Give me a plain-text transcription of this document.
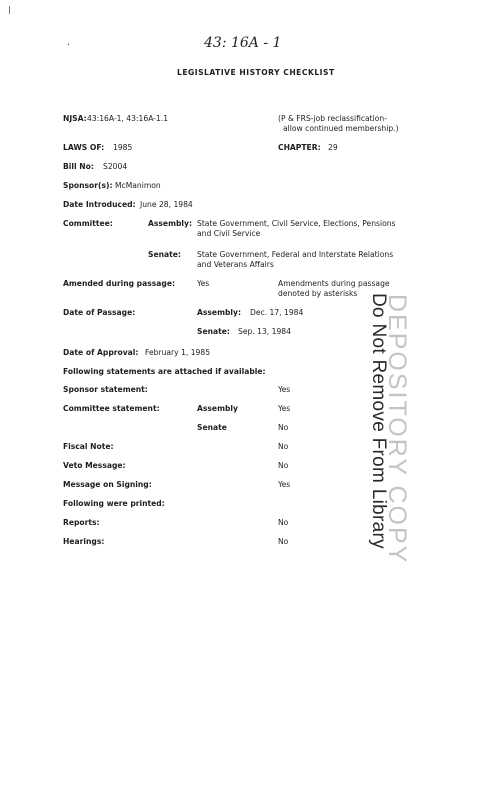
|
·	43: 16A - 1
LEGISLATIVE HISTORY CHECKLIST
NJSA: 43:16A-1, 43:16A-1.1	(P & FRS-job reclassification-
allow continued membership.)
LAWS OF: 1985	CHAPTER: 29
Bill No: S2004
Sponsor(s): McManimon
Date Introduced: June 28, 1984
Committee:	Assembly: State Government, Civil Service, Elections, Pensions
and Civil Service
Senate: State Government, Federal and Interstate Relations
and Veterans Affairs
Amended during passage:	Yes	Amendments during passage
denoted by asterisks
Date of Passage:	Assembly: Dec. 17, 1984
Senate: Sep. 13, 1984
Date of Approval: February 1, 1985
Following statements are attached if available:
Sponsor statement:	Yes
Committee statement:	Assembly	Yes
Senate	No
Fiscal Note:	No
Veto Message:	No
Message on Signing:	Yes
Following were printed:
Reports:	No
Hearings:	No	DEPOSITORY COPY
Do Not Remove From Library
